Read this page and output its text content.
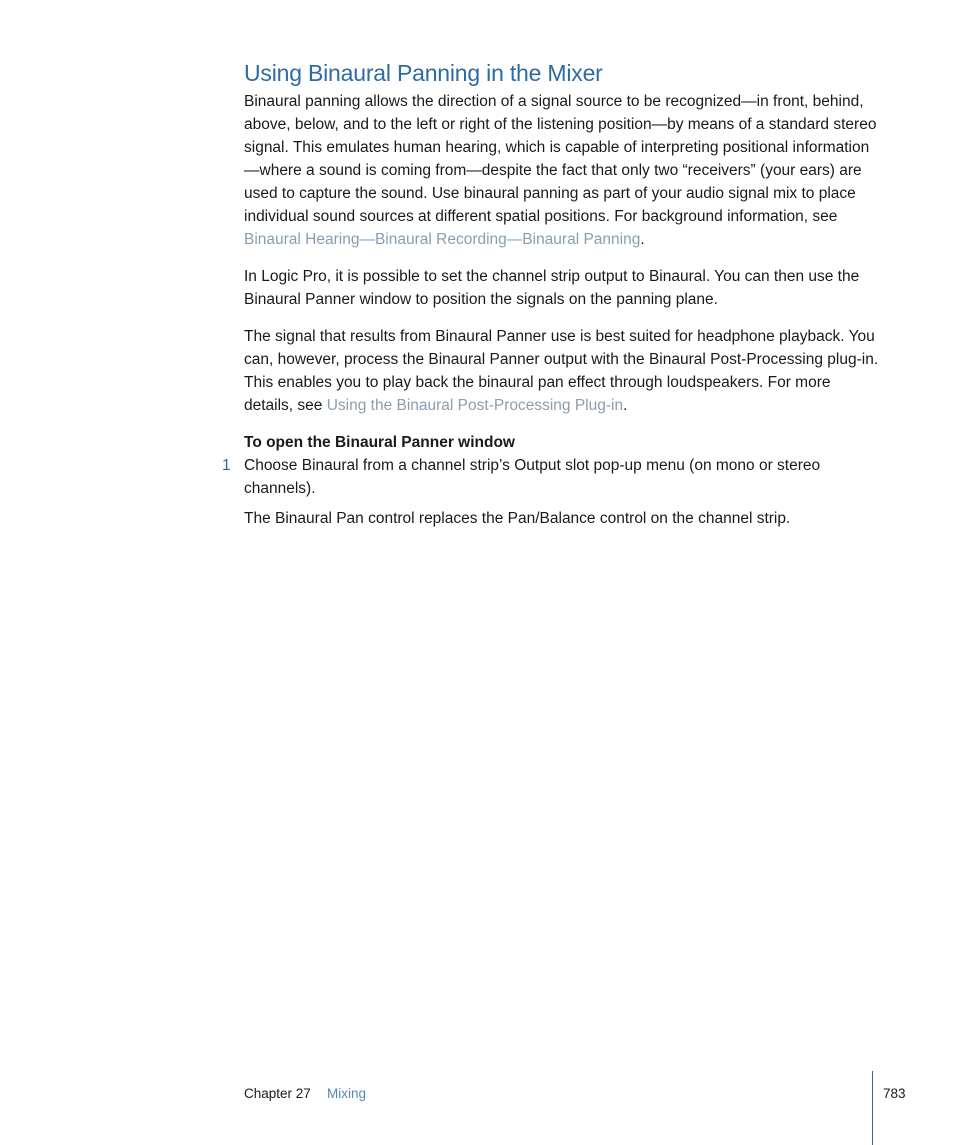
Using Binaural Panning in the Mixer

Binaural panning allows the direction of a signal source to be recognized—in front, behind, above, below, and to the left or right of the listening position—by means of a standard stereo signal. This emulates human hearing, which is capable of interpreting positional information—where a sound is coming from—despite the fact that only two “receivers” (your ears) are used to capture the sound. Use binaural panning as part of your audio signal mix to place individual sound sources at different spatial positions. For background information, see Binaural Hearing—Binaural Recording—Binaural Panning.

In Logic Pro, it is possible to set the channel strip output to Binaural. You can then use the Binaural Panner window to position the signals on the panning plane.

The signal that results from Binaural Panner use is best suited for headphone playback. You can, however, process the Binaural Panner output with the Binaural Post-Processing plug-in. This enables you to play back the binaural pan effect through loudspeakers. For more details, see Using the Binaural Post-Processing Plug-in.

To open the Binaural Panner window

1 Choose Binaural from a channel strip’s Output slot pop-up menu (on mono or stereo channels).

The Binaural Pan control replaces the Pan/Balance control on the channel strip.

Chapter 27 Mixing	783
